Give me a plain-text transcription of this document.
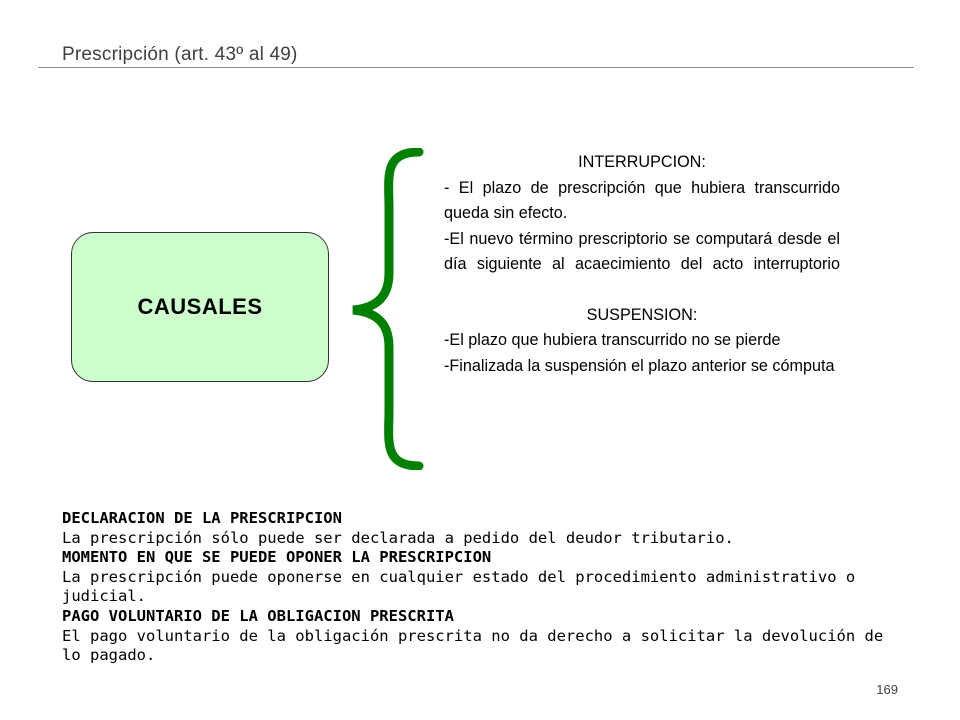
Prescripción (art. 43º al 49)
CAUSALES
INTERRUPCION:
- El plazo de prescripción que hubiera transcurrido queda sin efecto.
-El nuevo término prescriptorio se computará desde el día siguiente al acaecimiento del acto interruptorio
SUSPENSION:
-El plazo que hubiera transcurrido no se pierde
-Finalizada la suspensión el plazo anterior se cómputa
DECLARACION DE LA PRESCRIPCION
La prescripción sólo puede ser declarada a pedido del deudor tributario.
MOMENTO EN QUE SE PUEDE OPONER LA PRESCRIPCION
La prescripción puede oponerse en cualquier estado del procedimiento administrativo o judicial.
PAGO VOLUNTARIO DE LA OBLIGACION PRESCRITA
El pago voluntario de la obligación prescrita no da derecho a solicitar la devolución de lo pagado.
169
